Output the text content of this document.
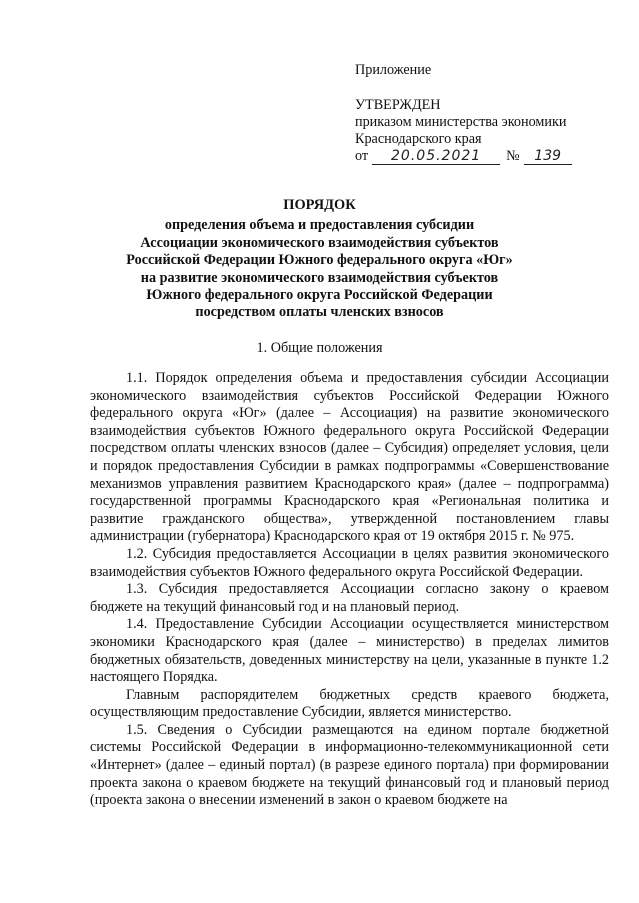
Приложение
УТВЕРЖДЕН
приказом министерства экономики
Краснодарского края
от	20.05.2021	№	139
ПОРЯДОК
определения объема и предоставления субсидии
Ассоциации экономического взаимодействия субъектов
Российской Федерации Южного федерального округа «Юг»
на развитие экономического взаимодействия субъектов
Южного федерального округа Российской Федерации
посредством оплаты членских взносов
1. Общие положения

1.1. Порядок определения объема и предоставления субсидии Ассоциации экономического взаимодействия субъектов Российской Федерации Южного федерального округа «Юг» (далее – Ассоциация) на развитие экономического взаимодействия субъектов Южного федерального округа Российской Федерации посредством оплаты членских взносов (далее – Субсидия) определяет условия, цели и порядок предоставления Субсидии в рамках подпрограммы «Совершенствование механизмов управления развитием Краснодарского края» (далее – подпрограмма) государственной программы Краснодарского края «Региональная политика и развитие гражданского общества», утвержденной постановлением главы администрации (губернатора) Краснодарского края от 19 октября 2015 г. № 975.

1.2. Субсидия предоставляется Ассоциации в целях развития экономического взаимодействия субъектов Южного федерального округа Российской Федерации.

1.3. Субсидия предоставляется Ассоциации согласно закону о краевом бюджете на текущий финансовый год и на плановый период.

1.4. Предоставление Субсидии Ассоциации осуществляется министерством экономики Краснодарского края (далее – министерство) в пределах лимитов бюджетных обязательств, доведенных министерству на цели, указанные в пункте 1.2 настоящего Порядка.

Главным распорядителем бюджетных средств краевого бюджета, осуществляющим предоставление Субсидии, является министерство.

1.5. Сведения о Субсидии размещаются на едином портале бюджетной системы Российской Федерации в информационно-телекоммуникационной сети «Интернет» (далее – единый портал) (в разрезе единого портала) при формировании проекта закона о краевом бюджете на текущий финансовый год и плановый период (проекта закона о внесении изменений в закон о краевом бюджете на
